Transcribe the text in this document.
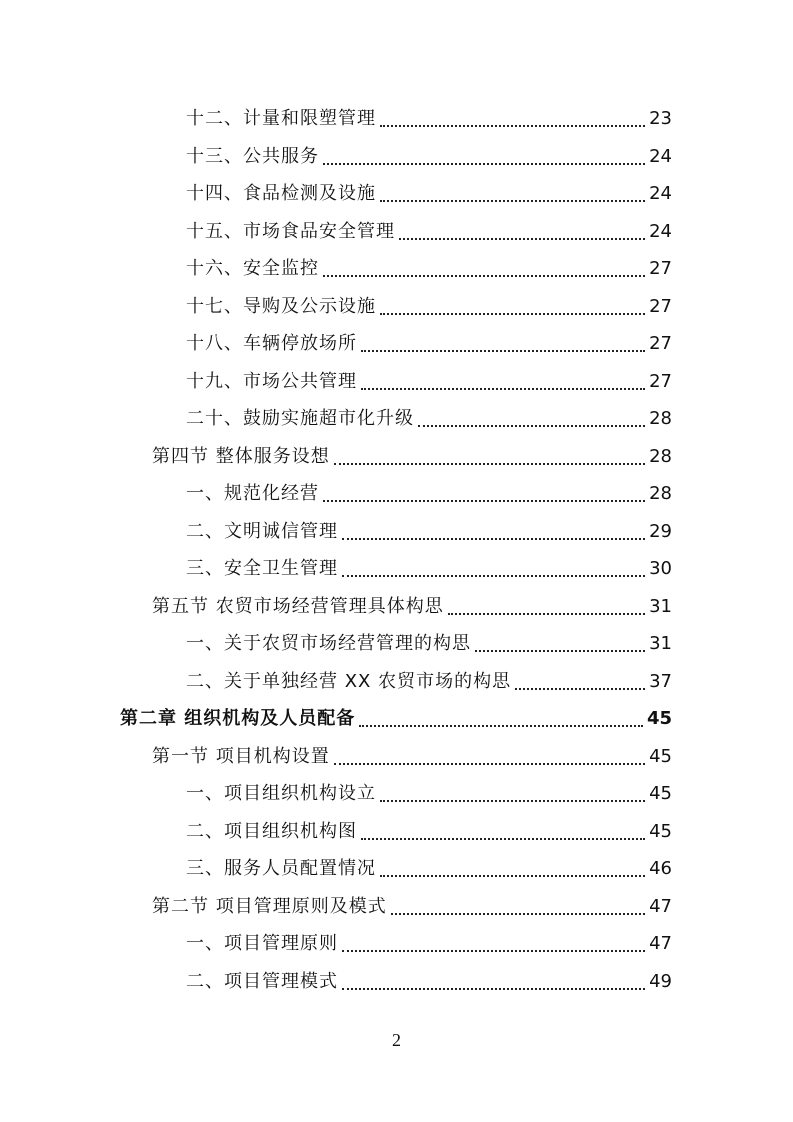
十二、计量和限塑管理	23
十三、公共服务	24
十四、食品检测及设施	24
十五、市场食品安全管理	24
十六、安全监控	27
十七、导购及公示设施	27
十八、车辆停放场所	27
十九、市场公共管理	27
二十、鼓励实施超市化升级	28
第四节 整体服务设想	28
一、规范化经营	28
二、文明诚信管理	29
三、安全卫生管理	30
第五节 农贸市场经营管理具体构思	31
一、关于农贸市场经营管理的构思	31
二、关于单独经营 XX 农贸市场的构思	37
第二章 组织机构及人员配备	45
第一节 项目机构设置	45
一、项目组织机构设立	45
二、项目组织机构图	45
三、服务人员配置情况	46
第二节 项目管理原则及模式	47
一、项目管理原则	47
二、项目管理模式	49
2
